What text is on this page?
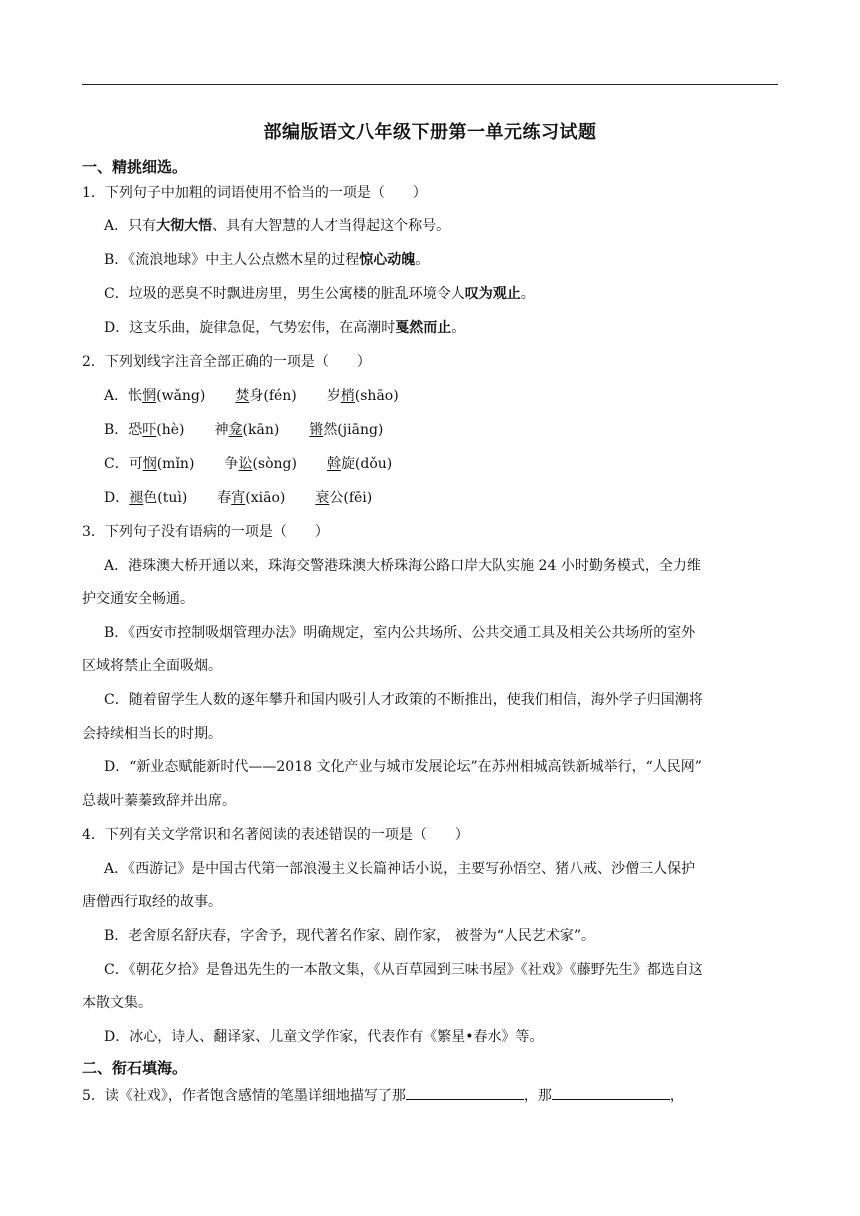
部编版语文八年级下册第一单元练习试题
一、精挑细选。
1．下列句子中加粗的词语使用不恰当的一项是（　　）
A．只有大彻大悟、具有大智慧的人才当得起这个称号。
B．《流浪地球》中主人公点燃木星的过程惊心动魄。
C．垃圾的恶臭不时飘进房里，男生公寓楼的脏乱环境令人叹为观止。
D．这支乐曲，旋律急促，气势宏伟，在高潮时戛然而止。
2．下列划线字注音全部正确的一项是（　　）
A．怅惘(wǎng) 焚身(fén) 岁梢(shāo)
B．恐吓(hè) 神龛(kān) 锵然(jiāng)
C．可悯(mǐn) 争讼(sòng) 斡旋(dǒu)
D．褪色(tuì) 春宵(xiāo) 衰公(fēi)
3．下列句子没有语病的一项是（　　）
A．港珠澳大桥开通以来，珠海交警港珠澳大桥珠海公路口岸大队实施 24 小时勤务模式，全力维
护交通安全畅通。
B．《西安市控制吸烟管理办法》明确规定，室内公共场所、公共交通工具及相关公共场所的室外
区域将禁止全面吸烟。
C．随着留学生人数的逐年攀升和国内吸引人才政策的不断推出，使我们相信，海外学子归国潮将
会持续相当长的时期。
D．“新业态赋能新时代——2018 文化产业与城市发展论坛”在苏州相城高铁新城举行，“人民网”
总裁叶蓁蓁致辞并出席。
4．下列有关文学常识和名著阅读的表述错误的一项是（　　）
A．《西游记》是中国古代第一部浪漫主义长篇神话小说，主要写孙悟空、猪八戒、沙僧三人保护
唐僧西行取经的故事。
B．老舍原名舒庆春，字舍予，现代著名作家、剧作家， 被誉为“人民艺术家”。
C．《朝花夕拾》是鲁迅先生的一本散文集，《从百草园到三味书屋》《社戏》《藤野先生》都选自这
本散文集。
D．冰心，诗人、翻译家、儿童文学作家，代表作有《繁星•春水》等。
二、衔石填海。
5．读《社戏》，作者饱含感情的笔墨详细地描写了那	，那	，
